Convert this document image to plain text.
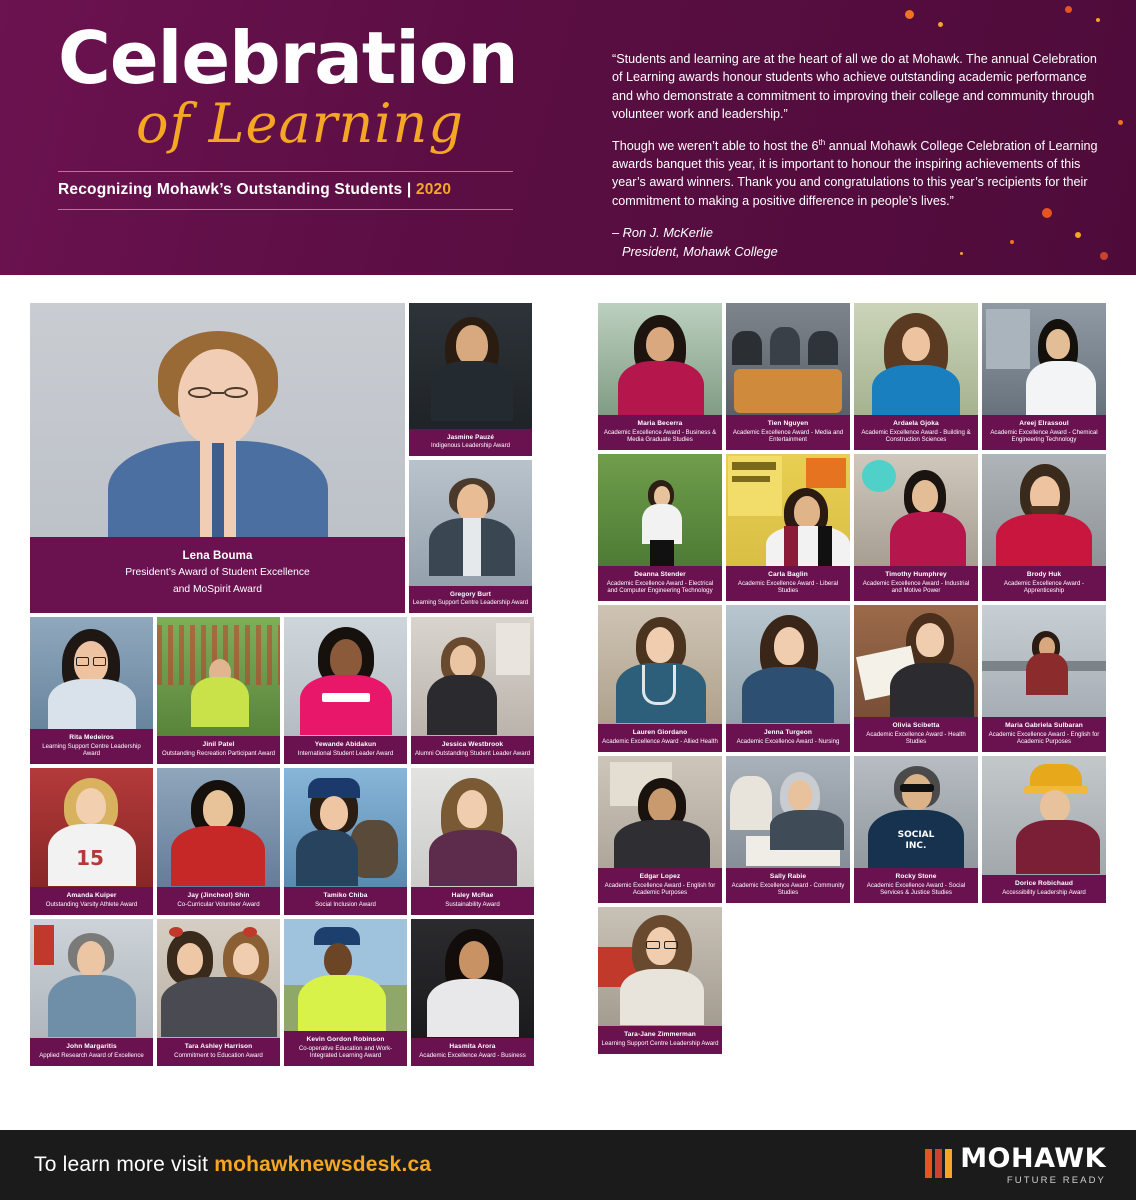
Celebration
of Learning
Recognizing Mohawk’s Outstanding Students | 2020
“Students and learning are at the heart of all we do at Mohawk. The annual Celebration of Learning awards honour students who achieve outstanding academic performance and who demonstrate a commitment to improving their college and community through volunteer work and leadership.”
Though we weren’t able to host the 6th annual Mohawk College Celebration of Learning awards banquet this year, it is important to honour the inspiring achievements of this year’s award winners. Thank you and congratulations to this year’s recipients for their commitment to making a positive difference in people’s lives.”
– Ron J. McKerlie
President, Mohawk College
Lena Bouma
President’s Award of Student Excellence
and MoSpirit Award
Jasmine Pauzé
Indigenous Leadership Award
Gregory Burt
Learning Support Centre Leadership Award
Rita Medeiros
Learning Support Centre Leadership Award
Jinil Patel
Outstanding Recreation Participant Award
Yewande Abidakun
International Student Leader Award
Jessica Westbrook
Alumni Outstanding Student Leader Award
15
Amanda Kuiper
Outstanding Varsity Athlete Award
Jay (Jincheol) Shin
Co-Curricular Volunteer Award
Tamiko Chiba
Social Inclusion Award
Haley McRae
Sustainability Award
John Margaritis
Applied Research Award of Excellence
Tara Ashley Harrison
Commitment to Education Award
Kevin Gordon Robinson
Co-operative Education and Work-Integrated Learning Award
Hasmita Arora
Academic Excellence Award - Business
Maria Becerra
Academic Excellence Award - Business & Media Graduate Studies
Tien Nguyen
Academic Excellence Award - Media and Entertainment
Ardaela Gjoka
Academic Excellence Award - Building & Construction Sciences
Areej Elrassoul
Academic Excellence Award - Chemical Engineering Technology
Deanna Stender
Academic Excellence Award - Electrical and Computer Engineering Technology
Carla Baglin
Academic Excellence Award - Liberal Studies
Timothy Humphrey
Academic Excellence Award - Industrial and Motive Power
Brody Huk
Academic Excellence Award - Apprenticeship
Lauren Giordano
Academic Excellence Award - Allied Health
Jenna Turgeon
Academic Excellence Award - Nursing
Olivia Scibetta
Academic Excellence Award - Health Studies
Maria Gabriela Sulbaran
Academic Excellence Award - English for Academic Purposes
Edgar Lopez
Academic Excellence Award - English for Academic Purposes
Sally Rabie
Academic Excellence Award - Community Studies
SOCIAL
INC.
Rocky Stone
Academic Excellence Award - Social Services & Justice Studies
Dorice Robichaud
Accessibility Leadership Award
Tara-Jane Zimmerman
Learning Support Centre Leadership Award
To learn more visit mohawknewsdesk.ca	MOHAWK
FUTURE READY
